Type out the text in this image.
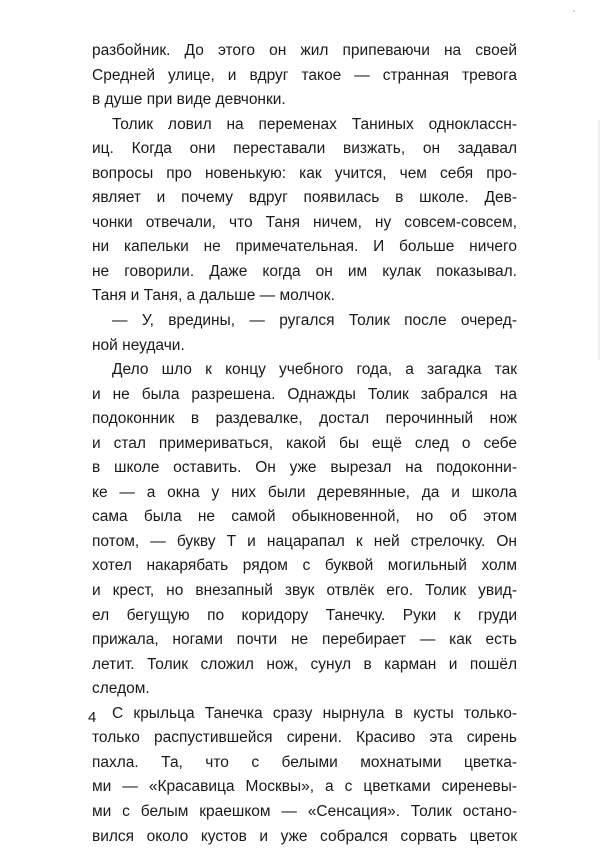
разбойник. До этого он жил припеваючи на своей
Средней улице, и вдруг такое — странная тревога
в душе при виде девчонки.
Толик ловил на переменах Таниных одноклассн-
иц. Когда они переставали визжать, он задавал
вопросы про новенькую: как учится, чем себя про-
являет и почему вдруг появилась в школе. Дев-
чонки отвечали, что Таня ничем, ну совсем-совсем,
ни капельки не примечательная. И больше ничего
не говорили. Даже когда он им кулак показывал.
Таня и Таня, а дальше — молчок.
— У, вредины, — ругался Толик после очеред-
ной неудачи.
Дело шло к концу учебного года, а загадка так
и не была разрешена. Однажды Толик забрался на
подоконник в раздевалке, достал перочинный нож
и стал примериваться, какой бы ещё след о себе
в школе оставить. Он уже вырезал на подоконни-
ке — а окна у них были деревянные, да и школа
сама была не самой обыкновенной, но об этом
потом, — букву Т и нацарапал к ней стрелочку. Он
хотел накарябать рядом с буквой могильный холм
и крест, но внезапный звук отвлёк его. Толик увид-
ел бегущую по коридору Танечку. Руки к груди
прижала, ногами почти не перебирает — как есть
летит. Толик сложил нож, сунул в карман и пошёл
следом.
С крыльца Танечка сразу нырнула в кусты только-
только распустившейся сирени. Красиво эта сирень
пахла. Та, что с белыми мохнатыми цветка-
ми — «Красавица Москвы», а с цветками сиреневы-
ми с белым краешком — «Сенсация». Толик остано-
вился около кустов и уже собрался сорвать цветок
4
